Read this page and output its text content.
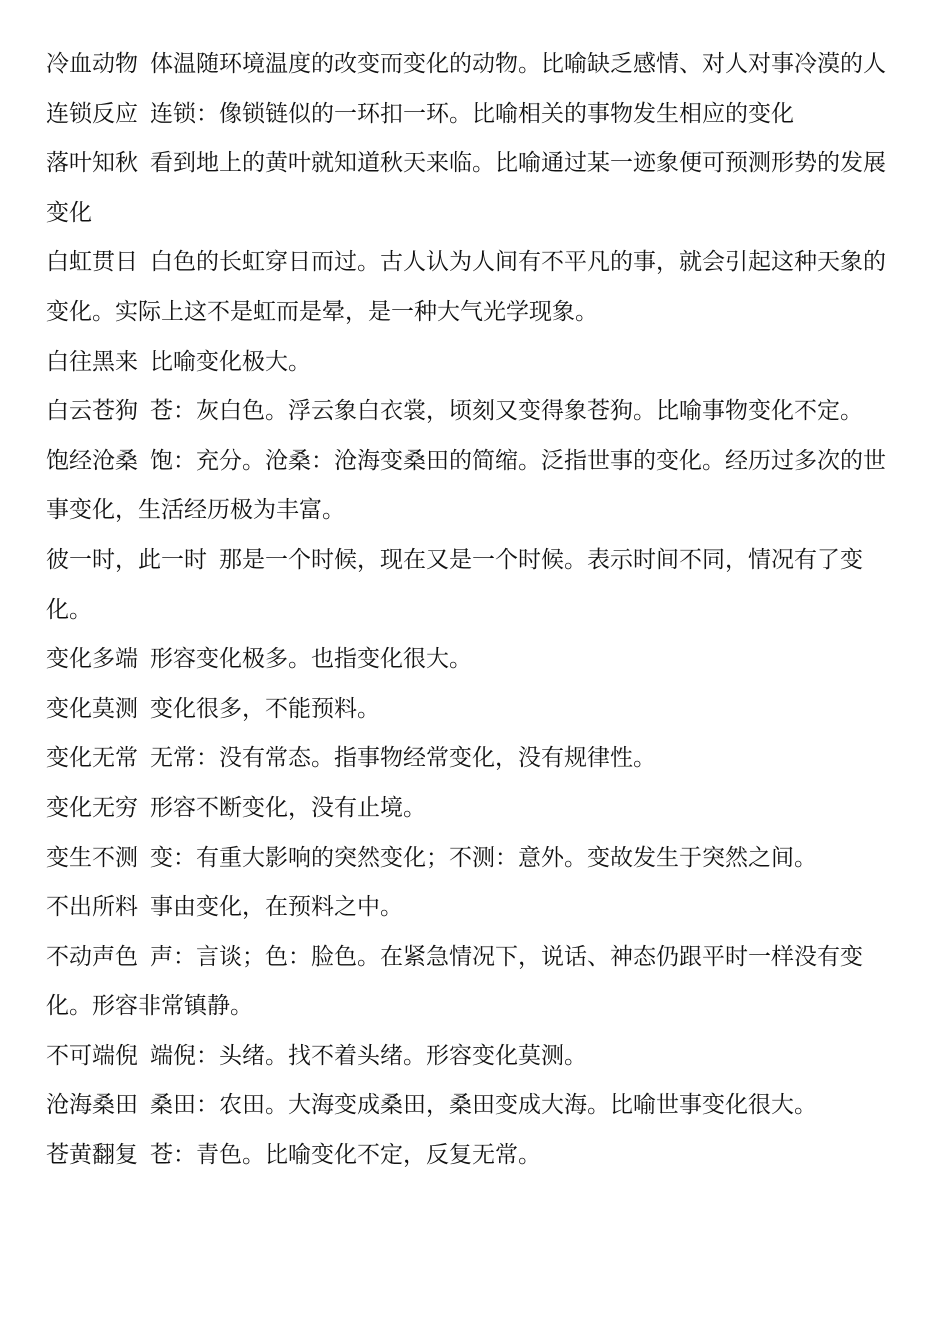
冷血动物 体温随环境温度的改变而变化的动物。比喻缺乏感情、对人对事冷漠的人

连锁反应 连锁：像锁链似的一环扣一环。比喻相关的事物发生相应的变化

落叶知秋 看到地上的黄叶就知道秋天来临。比喻通过某一迹象便可预测形势的发展变化

白虹贯日 白色的长虹穿日而过。古人认为人间有不平凡的事，就会引起这种天象的变化。实际上这不是虹而是晕，是一种大气光学现象。

白往黑来 比喻变化极大。

白云苍狗 苍：灰白色。浮云象白衣裳，顷刻又变得象苍狗。比喻事物变化不定。

饱经沧桑 饱：充分。沧桑：沧海变桑田的简缩。泛指世事的变化。经历过多次的世事变化，生活经历极为丰富。

彼一时，此一时 那是一个时候，现在又是一个时候。表示时间不同，情况有了变化。

变化多端 形容变化极多。也指变化很大。

变化莫测 变化很多，不能预料。

变化无常 无常：没有常态。指事物经常变化，没有规律性。

变化无穷 形容不断变化，没有止境。

变生不测 变：有重大影响的突然变化；不测：意外。变故发生于突然之间。

不出所料 事由变化，在预料之中。

不动声色 声：言谈；色：脸色。在紧急情况下，说话、神态仍跟平时一样没有变化。形容非常镇静。

不可端倪 端倪：头绪。找不着头绪。形容变化莫测。

沧海桑田 桑田：农田。大海变成桑田，桑田变成大海。比喻世事变化很大。

苍黄翻复 苍：青色。比喻变化不定，反复无常。
